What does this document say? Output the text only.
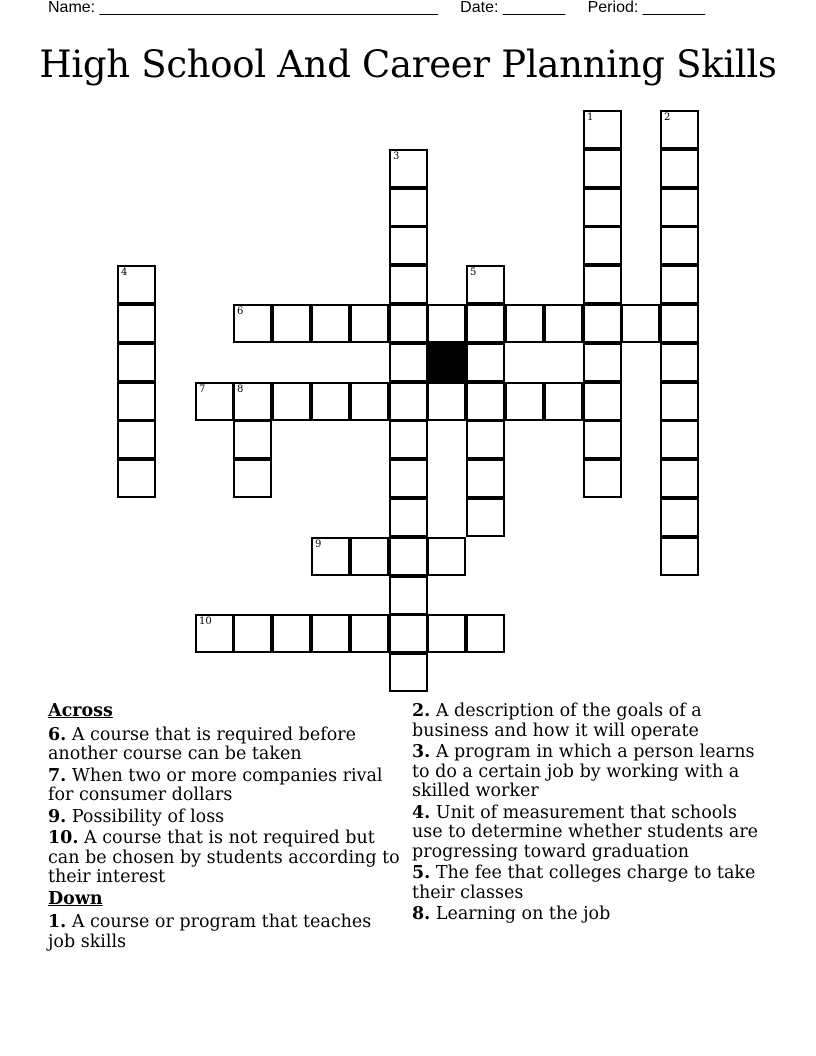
Name: ______________________________________ Date: _______ Period: _______
High School And Career Planning Skills
6
7	8
9
10
1	2
3
4	5
Across
6. A course that is required before another course can be taken
7. When two or more companies rival for consumer dollars
9. Possibility of loss
10. A course that is not required but can be chosen by students according to their interest
Down
1. A course or program that teaches job skills
2. A description of the goals of a business and how it will operate
3. A program in which a person learns to do a certain job by working with a skilled worker
4. Unit of measurement that schools use to determine whether students are progressing toward graduation
5. The fee that colleges charge to take their classes
8. Learning on the job
